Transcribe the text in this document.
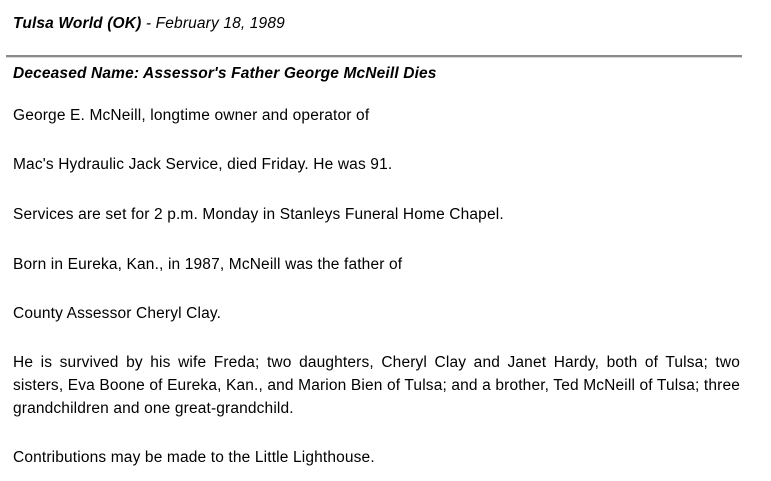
Tulsa World (OK) - February 18, 1989
Deceased Name: Assessor's Father George McNeill Dies

George E. McNeill, longtime owner and operator of

Mac's Hydraulic Jack Service, died Friday. He was 91.

Services are set for 2 p.m. Monday in Stanleys Funeral Home Chapel.

Born in Eureka, Kan., in 1987, McNeill was the father of

County Assessor Cheryl Clay.

He is survived by his wife Freda; two daughters, Cheryl Clay and Janet Hardy, both of Tulsa; two sisters, Eva Boone of Eureka, Kan., and Marion Bien of Tulsa; and a brother, Ted McNeill of Tulsa; three grandchildren and one great-grandchild.

Contributions may be made to the Little Lighthouse.
